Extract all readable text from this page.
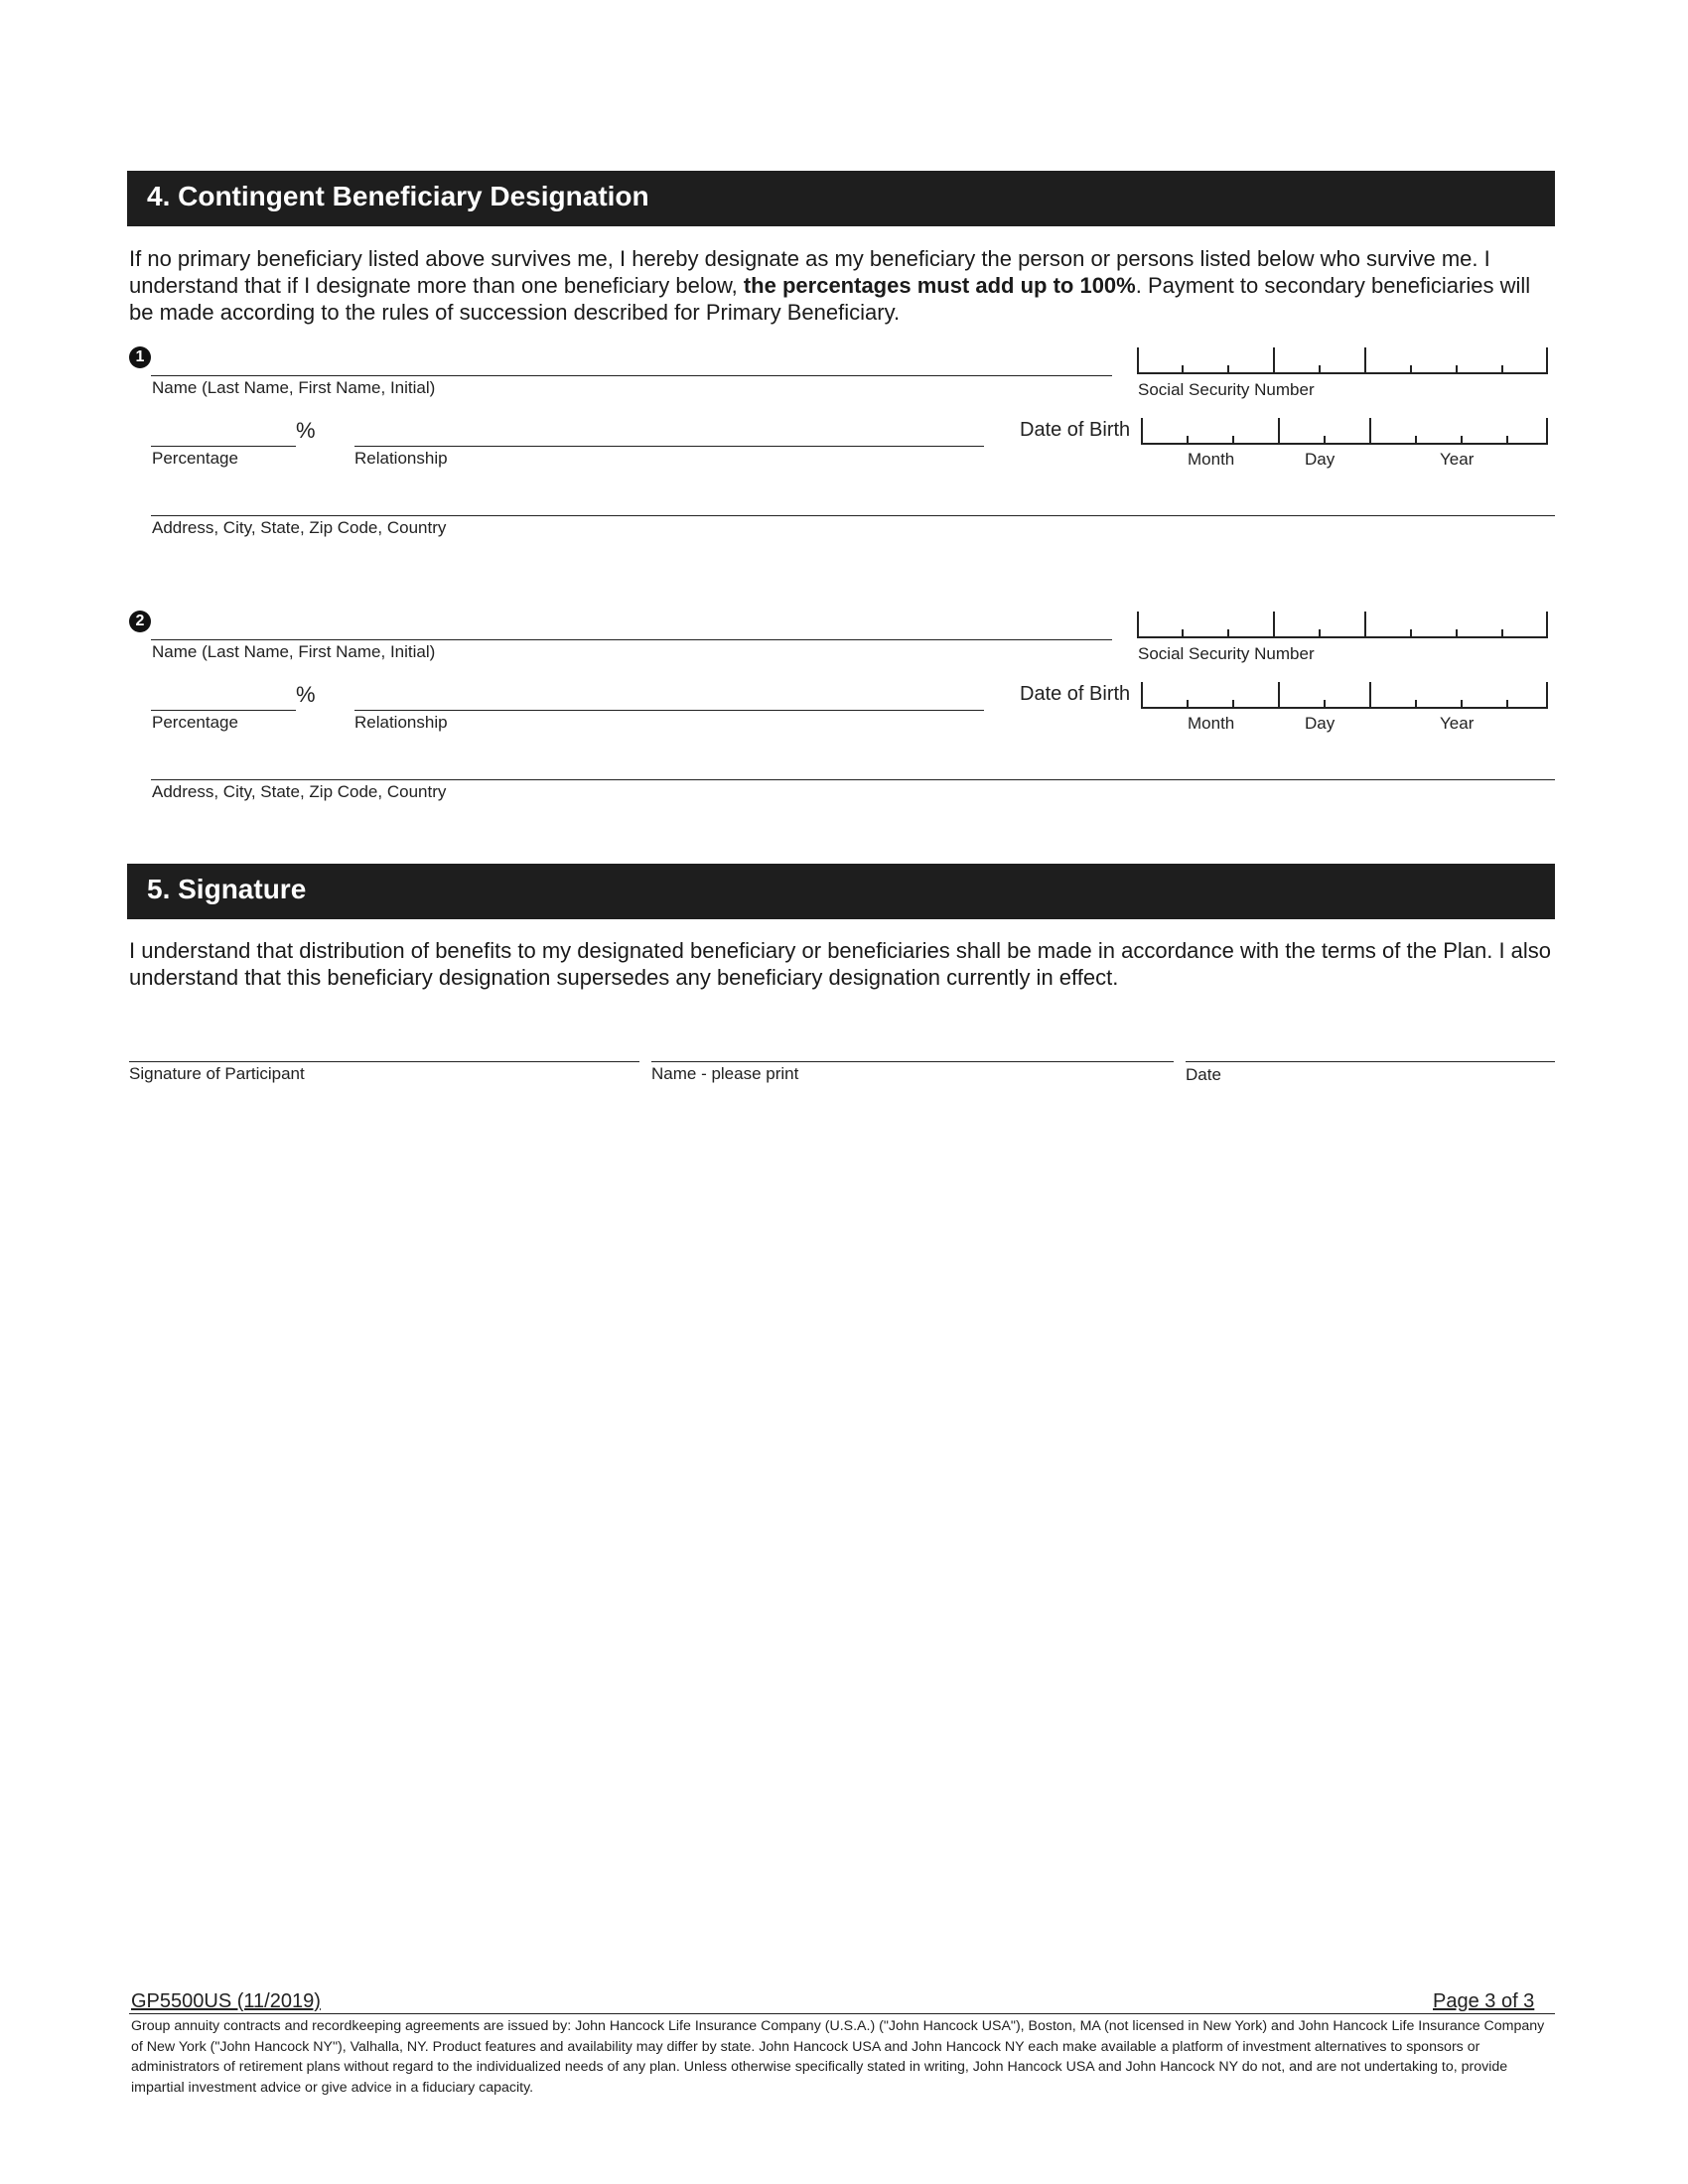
4. Contingent Beneficiary Designation
If no primary beneficiary listed above survives me, I hereby designate as my beneficiary the person or persons listed below who survive me. I understand that if I designate more than one beneficiary below, the percentages must add up to 100%. Payment to secondary beneficiaries will be made according to the rules of succession described for Primary Beneficiary.
1
Name (Last Name, First Name, Initial)	Social Security Number
%
Percentage	Relationship
Date of Birth
Month	Day	Year
Address, City, State, Zip Code, Country
2
Name (Last Name, First Name, Initial)	Social Security Number
%
Percentage	Relationship
Date of Birth
Month	Day	Year
Address, City, State, Zip Code, Country
5. Signature
I understand that distribution of benefits to my designated beneficiary or beneficiaries shall be made in accordance with the terms of the Plan. I also understand that this beneficiary designation supersedes any beneficiary designation currently in effect.
Signature of Participant	Name - please print	Date
GP5500US (11/2019)	Page 3 of 3
Group annuity contracts and recordkeeping agreements are issued by: John Hancock Life Insurance Company (U.S.A.) ("John Hancock USA"), Boston, MA (not licensed in New York) and John Hancock Life Insurance Company of New York ("John Hancock NY"), Valhalla, NY. Product features and availability may differ by state. John Hancock USA and John Hancock NY each make available a platform of investment alternatives to sponsors or administrators of retirement plans without regard to the individualized needs of any plan. Unless otherwise specifically stated in writing, John Hancock USA and John Hancock NY do not, and are not undertaking to, provide impartial investment advice or give advice in a fiduciary capacity.
